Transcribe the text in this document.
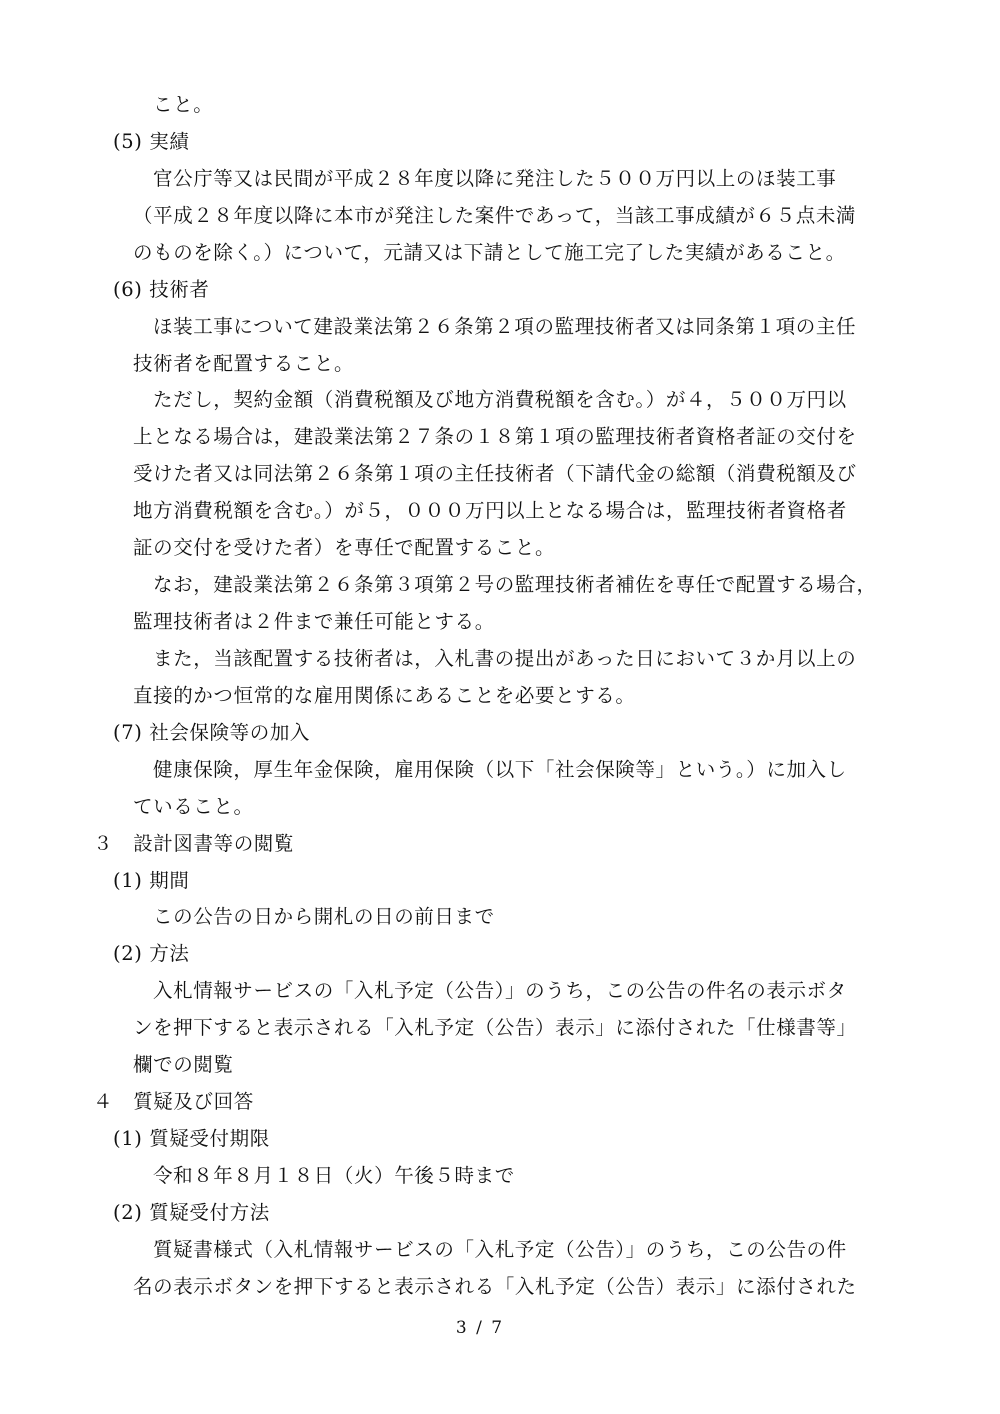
こと。
(5) 実績
官公庁等又は民間が平成２８年度以降に発注した５００万円以上のほ装工事
（平成２８年度以降に本市が発注した案件であって，当該工事成績が６５点未満
のものを除く。）について，元請又は下請として施工完了した実績があること。
(6) 技術者
ほ装工事について建設業法第２６条第２項の監理技術者又は同条第１項の主任
技術者を配置すること。
ただし，契約金額（消費税額及び地方消費税額を含む。）が４，５００万円以
上となる場合は，建設業法第２７条の１８第１項の監理技術者資格者証の交付を
受けた者又は同法第２６条第１項の主任技術者（下請代金の総額（消費税額及び
地方消費税額を含む。）が５，０００万円以上となる場合は，監理技術者資格者
証の交付を受けた者）を専任で配置すること。
なお，建設業法第２６条第３項第２号の監理技術者補佐を専任で配置する場合，
監理技術者は２件まで兼任可能とする。
また，当該配置する技術者は，入札書の提出があった日において３か月以上の
直接的かつ恒常的な雇用関係にあることを必要とする。
(7) 社会保険等の加入
健康保険，厚生年金保険，雇用保険（以下「社会保険等」という。）に加入し
ていること。
３　設計図書等の閲覧
(1) 期間
この公告の日から開札の日の前日まで
(2) 方法
入札情報サービスの「入札予定（公告）」のうち，この公告の件名の表示ボタ
ンを押下すると表示される「入札予定（公告）表示」に添付された「仕様書等」
欄での閲覧
４　質疑及び回答
(1) 質疑受付期限
令和８年８月１８日（火）午後５時まで
(2) 質疑受付方法
質疑書様式（入札情報サービスの「入札予定（公告）」のうち，この公告の件
名の表示ボタンを押下すると表示される「入札予定（公告）表示」に添付された
3 / 7
